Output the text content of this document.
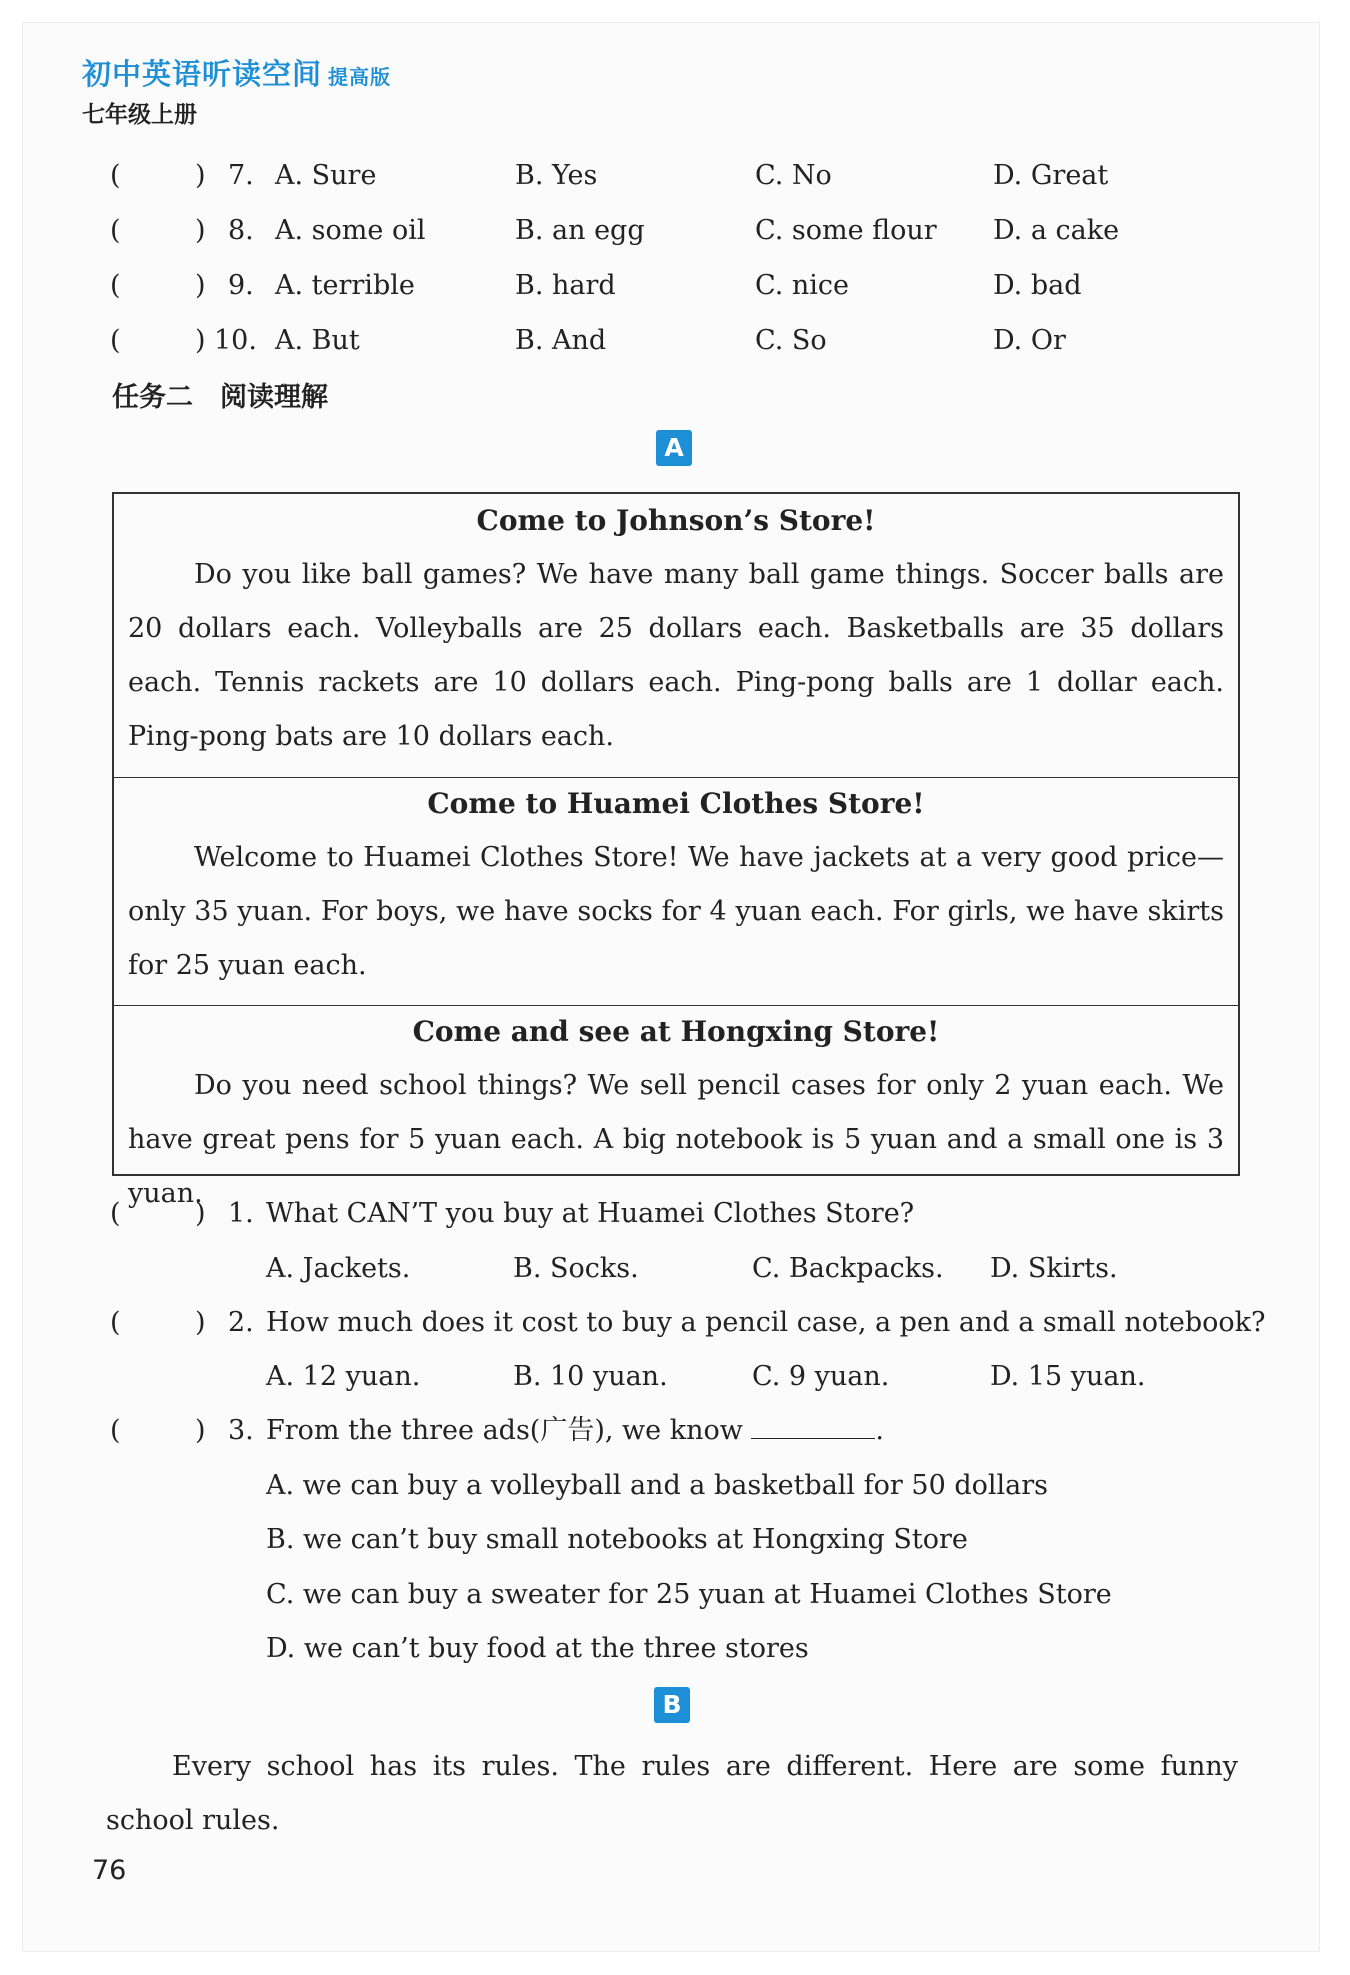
初中英语听读空间 提高版
七年级上册
(	) 7. A. Sure	B. Yes	C. No	D. Great
(	) 8. A. some oil	B. an egg	C. some flour D. a cake
(	) 9. A. terrible	B. hard	C. nice	D. bad
(	) 10. A. But	B. And	C. So	D. Or
任务二　阅读理解
A
Come to Johnson’s Store!
Do you like ball games? We have many ball game things. Soccer balls are 20 dollars each. Volleyballs are 25 dollars each. Basketballs are 35 dollars each. Tennis rackets are 10 dollars each. Ping-pong balls are 1 dollar each. Ping-pong bats are 10 dollars each.
Come to Huamei Clothes Store!
Welcome to Huamei Clothes Store! We have jackets at a very good price—only 35 yuan. For boys, we have socks for 4 yuan each. For girls, we have skirts for 25 yuan each.
Come and see at Hongxing Store!
Do you need school things? We sell pencil cases for only 2 yuan each. We have great pens for 5 yuan each. A big notebook is 5 yuan and a small one is 3 yuan.
(	) 1. What CAN’T you buy at Huamei Clothes Store?
A. Jackets.	B. Socks.	C. Backpacks. D. Skirts.
(	) 2. How much does it cost to buy a pencil case, a pen and a small notebook?
A. 12 yuan.	B. 10 yuan.	C. 9 yuan.	D. 15 yuan.
(	) 3. From the three ads(广告), we know	.
A. we can buy a volleyball and a basketball for 50 dollars
B. we can’t buy small notebooks at Hongxing Store
C. we can buy a sweater for 25 yuan at Huamei Clothes Store
D. we can’t buy food at the three stores
B
Every school has its rules. The rules are different. Here are some funny school rules.
76
